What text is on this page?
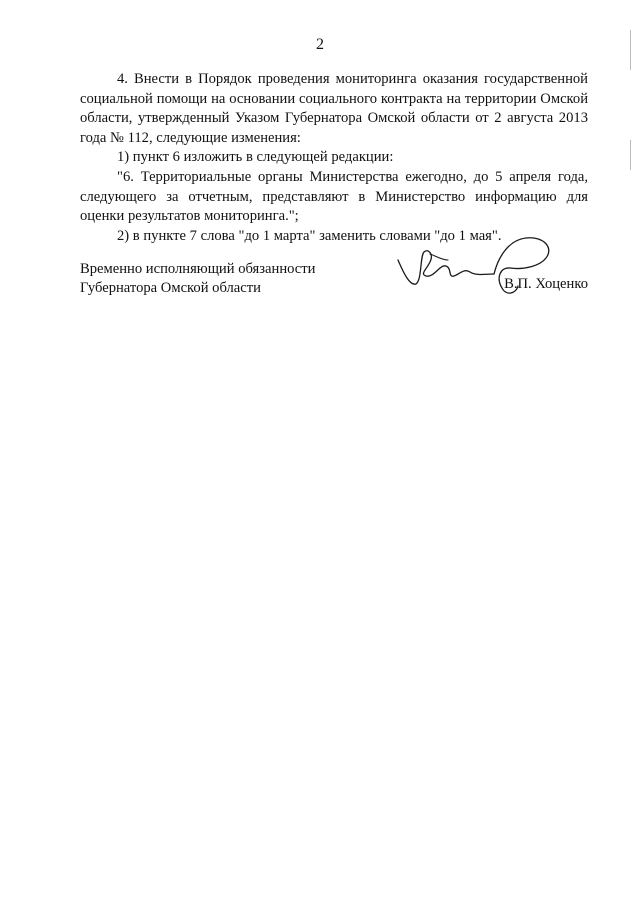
2

4. Внести в Порядок проведения мониторинга оказания государственной социальной помощи на основании социального контракта на территории Омской области, утвержденный Указом Губернатора Омской области от 2 августа 2013 года № 112, следующие изменения:

1) пункт 6 изложить в следующей редакции:

"6. Территориальные органы Министерства ежегодно, до 5 апреля года, следующего за отчетным, представляют в Министерство информацию для оценки результатов мониторинга.";

2) в пункте 7 слова "до 1 марта" заменить словами "до 1 мая".

Временно исполняющий обязанности
Губернатора Омской области	В.П. Хоценко
